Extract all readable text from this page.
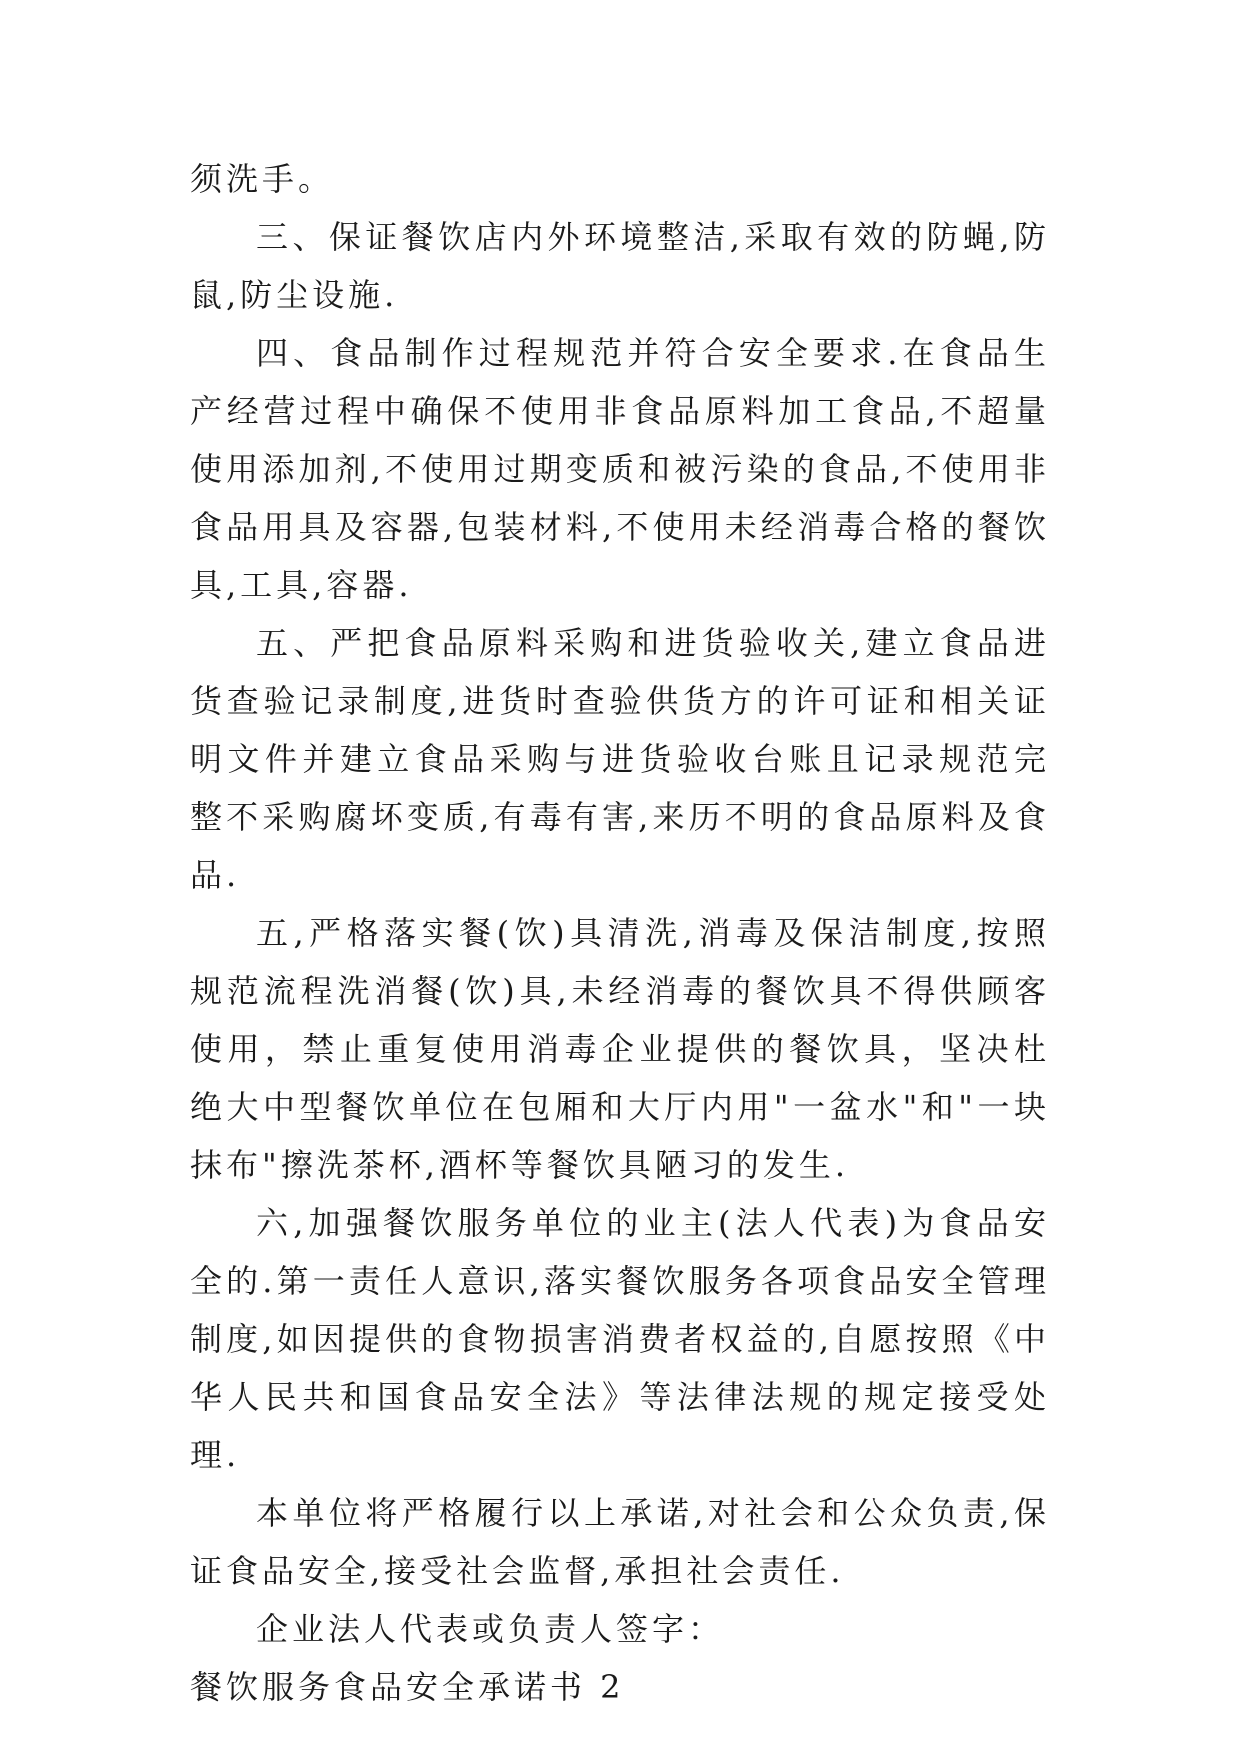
须洗手。

三、保证餐饮店内外环境整洁,采取有效的防蝇,防鼠,防尘设施.

四、食品制作过程规范并符合安全要求.在食品生产经营过程中确保不使用非食品原料加工食品,不超量使用添加剂,不使用过期变质和被污染的食品,不使用非食品用具及容器,包装材料,不使用未经消毒合格的餐饮具,工具,容器.

五、严把食品原料采购和进货验收关,建立食品进货查验记录制度,进货时查验供货方的许可证和相关证明文件并建立食品采购与进货验收台账且记录规范完整不采购腐坏变质,有毒有害,来历不明的食品原料及食品.

五,严格落实餐(饮)具清洗,消毒及保洁制度,按照规范流程洗消餐(饮)具,未经消毒的餐饮具不得供顾客使用，禁止重复使用消毒企业提供的餐饮具，坚决杜绝大中型餐饮单位在包厢和大厅内用"一盆水"和"一块抹布"擦洗茶杯,酒杯等餐饮具陋习的发生.

六,加强餐饮服务单位的业主(法人代表)为食品安全的.第一责任人意识,落实餐饮服务各项食品安全管理制度,如因提供的食物损害消费者权益的,自愿按照《中华人民共和国食品安全法》等法律法规的规定接受处理.

本单位将严格履行以上承诺,对社会和公众负责,保证食品安全,接受社会监督,承担社会责任.

企业法人代表或负责人签字：

餐饮服务食品安全承诺书 2
